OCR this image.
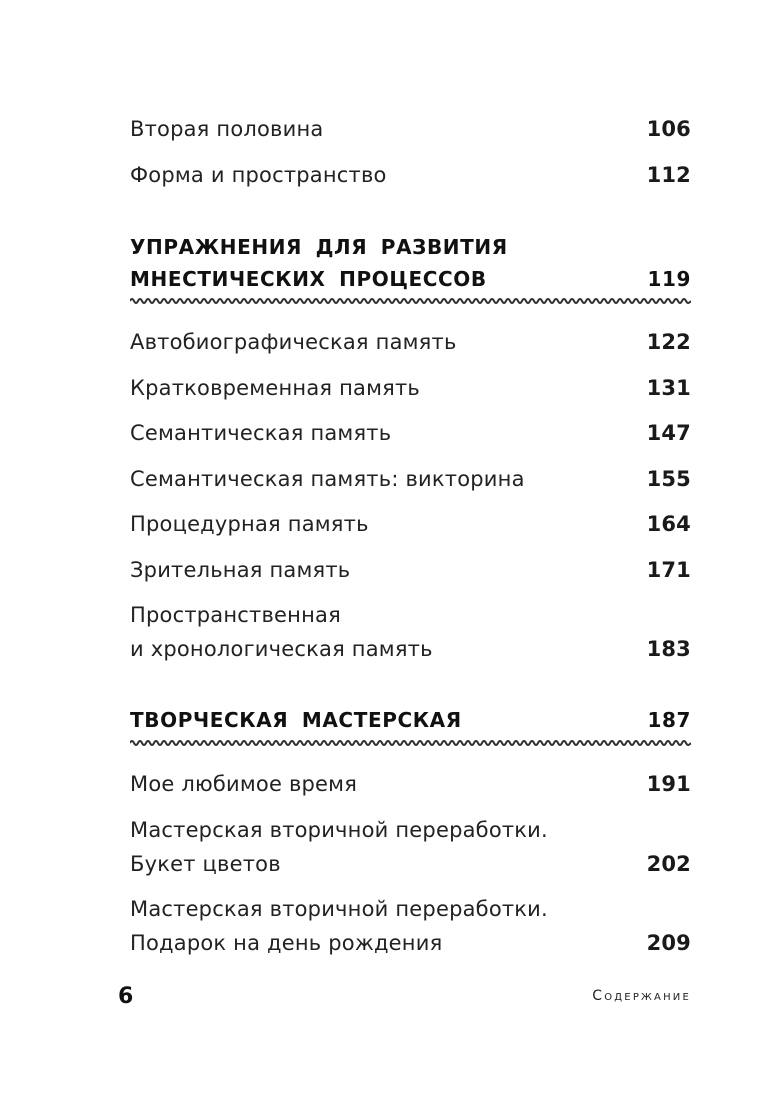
Вторая половина	106
Форма и пространство	112
УПРАЖНЕНИЯ ДЛЯ РАЗВИТИЯ
МНЕСТИЧЕСКИХ ПРОЦЕССОВ	119
Автобиографическая память	122
Кратковременная память	131
Семантическая память	147
Семантическая память: викторина	155
Процедурная память	164
Зрительная память	171
Пространственная
и хронологическая память	183
ТВОРЧЕСКАЯ МАСТЕРСКАЯ	187
Мое любимое время	191
Мастерская вторичной переработки.
Букет цветов	202
Мастерская вторичной переработки.
Подарок на день рождения	209
6	Содержание
